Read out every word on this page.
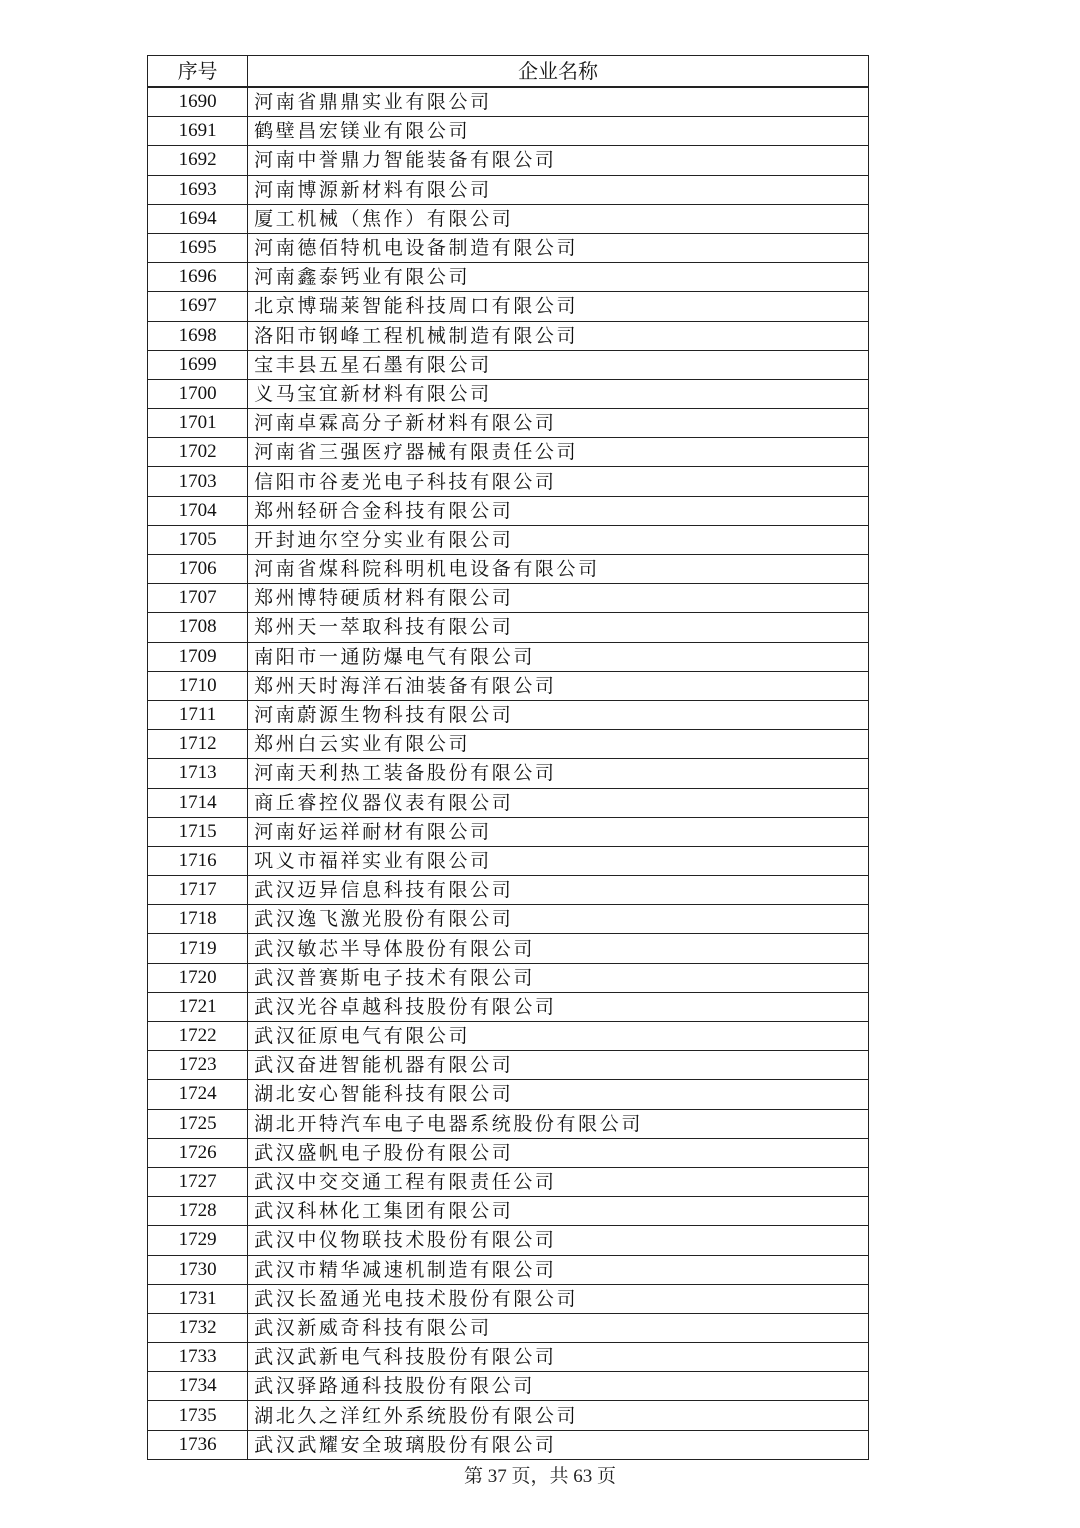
序号	企业名称
1690	河南省鼎鼎实业有限公司
1691	鹤壁昌宏镁业有限公司
1692	河南中誉鼎力智能装备有限公司
1693	河南博源新材料有限公司
1694	厦工机械（焦作）有限公司
1695	河南德佰特机电设备制造有限公司
1696	河南鑫泰钙业有限公司
1697	北京博瑞莱智能科技周口有限公司
1698	洛阳市钢峰工程机械制造有限公司
1699	宝丰县五星石墨有限公司
1700	义马宝宜新材料有限公司
1701	河南卓霖高分子新材料有限公司
1702	河南省三强医疗器械有限责任公司
1703	信阳市谷麦光电子科技有限公司
1704	郑州轻研合金科技有限公司
1705	开封迪尔空分实业有限公司
1706	河南省煤科院科明机电设备有限公司
1707	郑州博特硬质材料有限公司
1708	郑州天一萃取科技有限公司
1709	南阳市一通防爆电气有限公司
1710	郑州天时海洋石油装备有限公司
1711	河南蔚源生物科技有限公司
1712	郑州白云实业有限公司
1713	河南天利热工装备股份有限公司
1714	商丘睿控仪器仪表有限公司
1715	河南好运祥耐材有限公司
1716	巩义市福祥实业有限公司
1717	武汉迈异信息科技有限公司
1718	武汉逸飞激光股份有限公司
1719	武汉敏芯半导体股份有限公司
1720	武汉普赛斯电子技术有限公司
1721	武汉光谷卓越科技股份有限公司
1722	武汉征原电气有限公司
1723	武汉奋进智能机器有限公司
1724	湖北安心智能科技有限公司
1725	湖北开特汽车电子电器系统股份有限公司
1726	武汉盛帆电子股份有限公司
1727	武汉中交交通工程有限责任公司
1728	武汉科林化工集团有限公司
1729	武汉中仪物联技术股份有限公司
1730	武汉市精华减速机制造有限公司
1731	武汉长盈通光电技术股份有限公司
1732	武汉新威奇科技有限公司
1733	武汉武新电气科技股份有限公司
1734	武汉驿路通科技股份有限公司
1735	湖北久之洋红外系统股份有限公司
1736	武汉武耀安全玻璃股份有限公司
第 37 页，共 63 页
